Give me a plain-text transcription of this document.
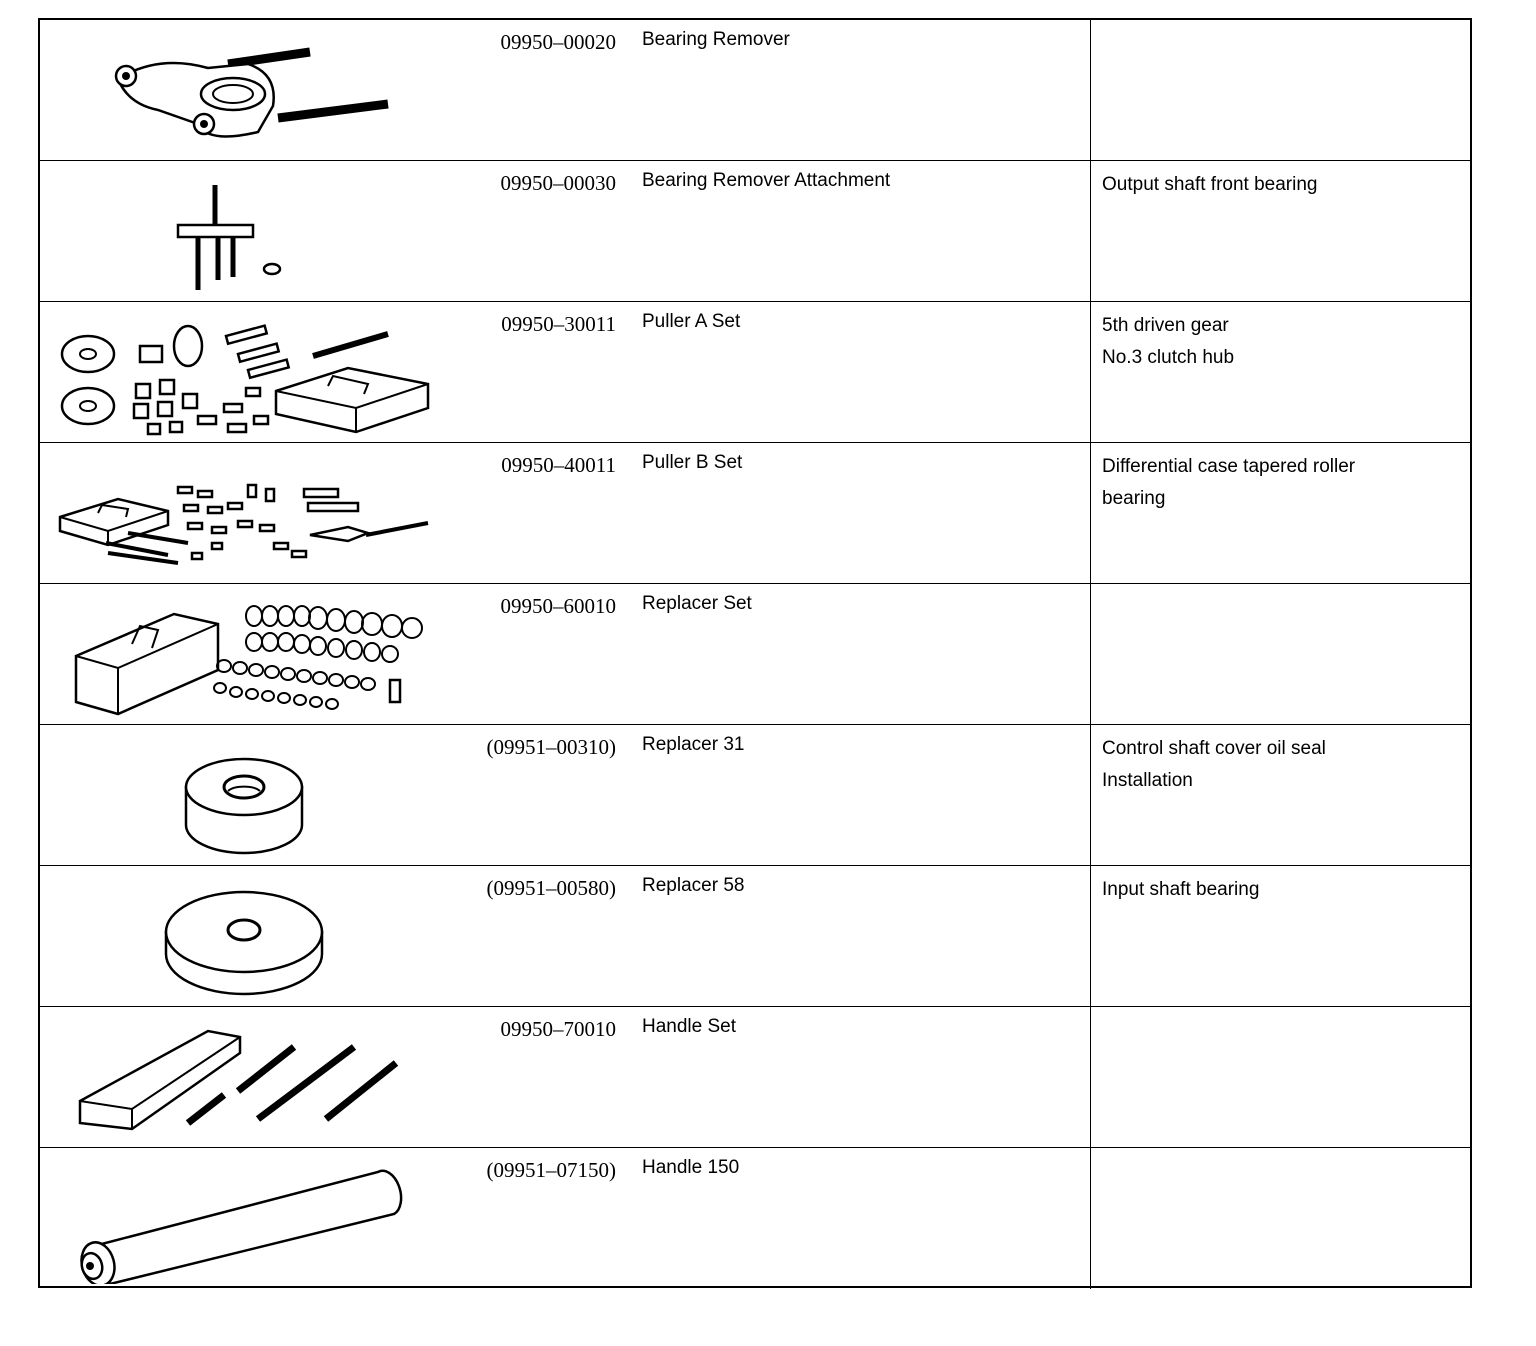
09950–00020 Bearing Remover
09950–00030 Bearing Remover Attachment	Output shaft front bearing
09950–30011 Puller A Set	5th driven gear
No.3 clutch hub
09950–40011 Puller B Set	Differential case tapered roller
bearing
09950–60010 Replacer Set
(09951–00310) Replacer 31	Control shaft cover oil seal
Installation
(09951–00580) Replacer 58	Input shaft bearing
09950–70010 Handle Set
(09951–07150) Handle 150
